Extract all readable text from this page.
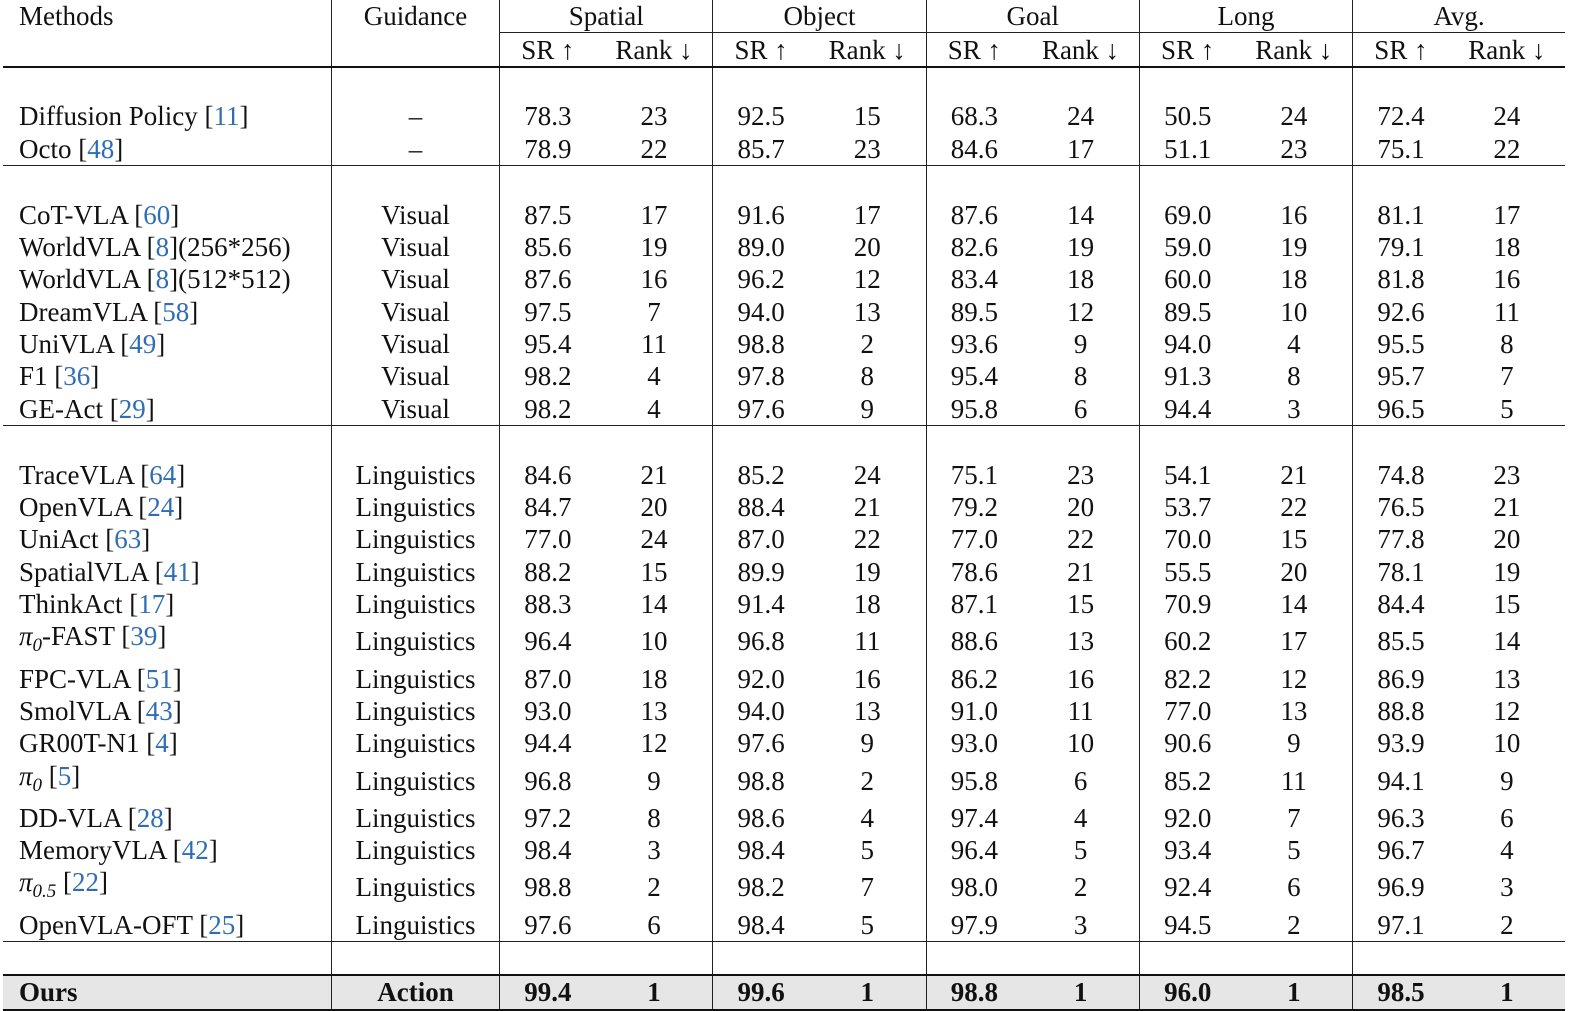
Methods	Guidance	Spatial		Object		Goal		Long		Avg.	
		SR ↑	Rank ↓	SR ↑	Rank ↓	SR ↑	Rank ↓	SR ↑	Rank ↓	SR ↑	Rank ↓

Diffusion Policy [11]	–	78.3	23	92.5	15	68.3	24	50.5	24	72.4	24
Octo [48]	–	78.9	22	85.7	23	84.6	17	51.1	23	75.1	22

CoT-VLA [60]	Visual	87.5	17	91.6	17	87.6	14	69.0	16	81.1	17
WorldVLA [8](256*256)	Visual	85.6	19	89.0	20	82.6	19	59.0	19	79.1	18
WorldVLA [8](512*512)	Visual	87.6	16	96.2	12	83.4	18	60.0	18	81.8	16
DreamVLA [58]	Visual	97.5	7	94.0	13	89.5	12	89.5	10	92.6	11
UniVLA [49]	Visual	95.4	11	98.8	2	93.6	9	94.0	4	95.5	8
F1 [36]	Visual	98.2	4	97.8	8	95.4	8	91.3	8	95.7	7
GE-Act [29]	Visual	98.2	4	97.6	9	95.8	6	94.4	3	96.5	5

TraceVLA [64]	Linguistics	84.6	21	85.2	24	75.1	23	54.1	21	74.8	23
OpenVLA [24]	Linguistics	84.7	20	88.4	21	79.2	20	53.7	22	76.5	21
UniAct [63]	Linguistics	77.0	24	87.0	22	77.0	22	70.0	15	77.8	20
SpatialVLA [41]	Linguistics	88.2	15	89.9	19	78.6	21	55.5	20	78.1	19
ThinkAct [17]	Linguistics	88.3	14	91.4	18	87.1	15	70.9	14	84.4	15
$\pi_0$-FAST [39]	Linguistics	96.4	10	96.8	11	88.6	13	60.2	17	85.5	14
FPC-VLA [51]	Linguistics	87.0	18	92.0	16	86.2	16	82.2	12	86.9	13
SmolVLA [43]	Linguistics	93.0	13	94.0	13	91.0	11	77.0	13	88.8	12
GR00T-N1 [4]	Linguistics	94.4	12	97.6	9	93.0	10	90.6	9	93.9	10
$\pi_0$ [5]	Linguistics	96.8	9	98.8	2	95.8	6	85.2	11	94.1	9
DD-VLA [28]	Linguistics	97.2	8	98.6	4	97.4	4	92.0	7	96.3	6
MemoryVLA [42]	Linguistics	98.4	3	98.4	5	96.4	5	93.4	5	96.7	4
$\pi_{0.5}$ [22]	Linguistics	98.8	2	98.2	7	98.0	2	92.4	6	96.9	3
OpenVLA-OFT [25]	Linguistics	97.6	6	98.4	5	97.9	3	94.5	2	97.1	2

Ours	Action	99.4	1	99.6	1	98.8	1	96.0	1	98.5	1
